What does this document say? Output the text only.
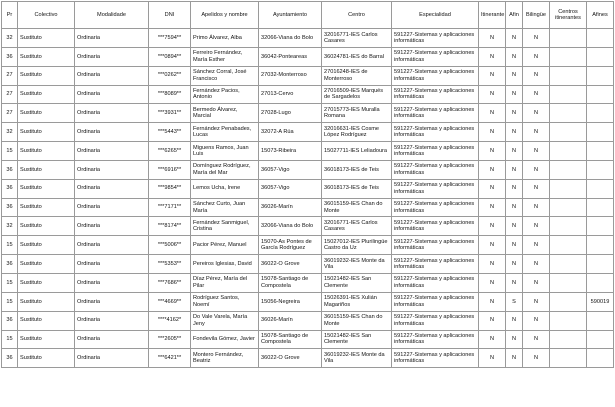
Pr	Colectivo	Modalidade	DNI	Apelidos y nombre	Ayuntamiento	Centro	Especialidad	Itinerante	Afin	Bilingüe	Centros itinerantes	Afines
32	Sustituto	Ordinaria	***7594**	Primo Álvarez, Alba	32066-Viana do Bolo	32016771-IES Carlos Casares	591227-Sistemas y aplicaciones informáticas	N	N	N		
36	Sustituto	Ordinaria	***0894**	Ferreiro Fernández, María Esther	36042-Ponteareas	36024781-IES do Barral	591227-Sistemas y aplicaciones informáticas	N	N	N		
27	Sustituto	Ordinaria	***0262**	Sánchez Corral, José Francisco	27032-Monterroso	27016248-IES de Monterroso	591227-Sistemas y aplicaciones informáticas	N	N	N		
27	Sustituto	Ordinaria	***8089**	Fernández Pacios, Antonio	27013-Cervo	27016509-IES Marqués de Sargadelos	591227-Sistemas y aplicaciones informáticas	N	N	N		
27	Sustituto	Ordinaria	***3931**	Bermedo Álvarez, Marcial	27028-Lugo	27015773-IES Muralla Romana	591227-Sistemas y aplicaciones informáticas	N	N	N		
32	Sustituto	Ordinaria	***5443**	Fernández Penabades, Lucas	32072-A Rúa	32016631-IES Cosme López Rodríguez	591227-Sistemas y aplicaciones informáticas	N	N	N		
15	Sustituto	Ordinaria	***6265**	Miguens Ramos, Juan Luis	15073-Ribeira	15027711-IES Leliadoura	591227-Sistemas y aplicaciones informáticas	N	N	N		
36	Sustituto	Ordinaria	***6916**	Domínguez Rodríguez, María del Mar	36057-Vigo	36018173-IES de Teis	591227-Sistemas y aplicaciones informáticas	N	N	N		
36	Sustituto	Ordinaria	***9854**	Lemos Ucha, Irene	36057-Vigo	36018173-IES de Teis	591227-Sistemas y aplicaciones informáticas	N	N	N		
36	Sustituto	Ordinaria	***7171**	Sánchez Curto, Juan María	36026-Marín	36015159-IES Chan do Monte	591227-Sistemas y aplicaciones informáticas	N	N	N		
32	Sustituto	Ordinaria	***8174**	Fernández Sanmiguel, Cristina	32066-Viana do Bolo	32016771-IES Carlos Casares	591227-Sistemas y aplicaciones informáticas	N	N	N		
15	Sustituto	Ordinaria	***5006**	Pacior Pérez, Manuel	15070-As Pontes de García Rodríguez	15027012-IES Plurilingüe Castro da Uz	591227-Sistemas y aplicaciones informáticas	N	N	N		
36	Sustituto	Ordinaria	***5353**	Pereiros Iglesias, David	36022-O Grove	36019232-IES Monte da Vila	591227-Sistemas y aplicaciones informáticas	N	N	N		
15	Sustituto	Ordinaria	***7686**	Díaz Pérez, María del Pilar	15078-Santiago de Compostela	15021482-IES San Clemente	591227-Sistemas y aplicaciones informáticas	N	N	N		
15	Sustituto	Ordinaria	***4669**	Rodríguez Santos, Noemí	15056-Negreira	15026391-IES Xulián Magariños	591227-Sistemas y aplicaciones informáticas	N	S	N		590019
36	Sustituto	Ordinaria	****4162*	Do Vale Varela, María Jeny	36026-Marín	36015159-IES Chan do Monte	591227-Sistemas y aplicaciones informáticas	N	N	N		
15	Sustituto	Ordinaria	***2605**	Fondevila Gómez, Javier	15078-Santiago de Compostela	15021482-IES San Clemente	591227-Sistemas y aplicaciones informáticas	N	N	N		
36	Sustituto	Ordinaria	***6421**	Montero Fernández, Beatriz	36022-O Grove	36019232-IES Monte da Vila	591227-Sistemas y aplicaciones informáticas	N	N	N		
